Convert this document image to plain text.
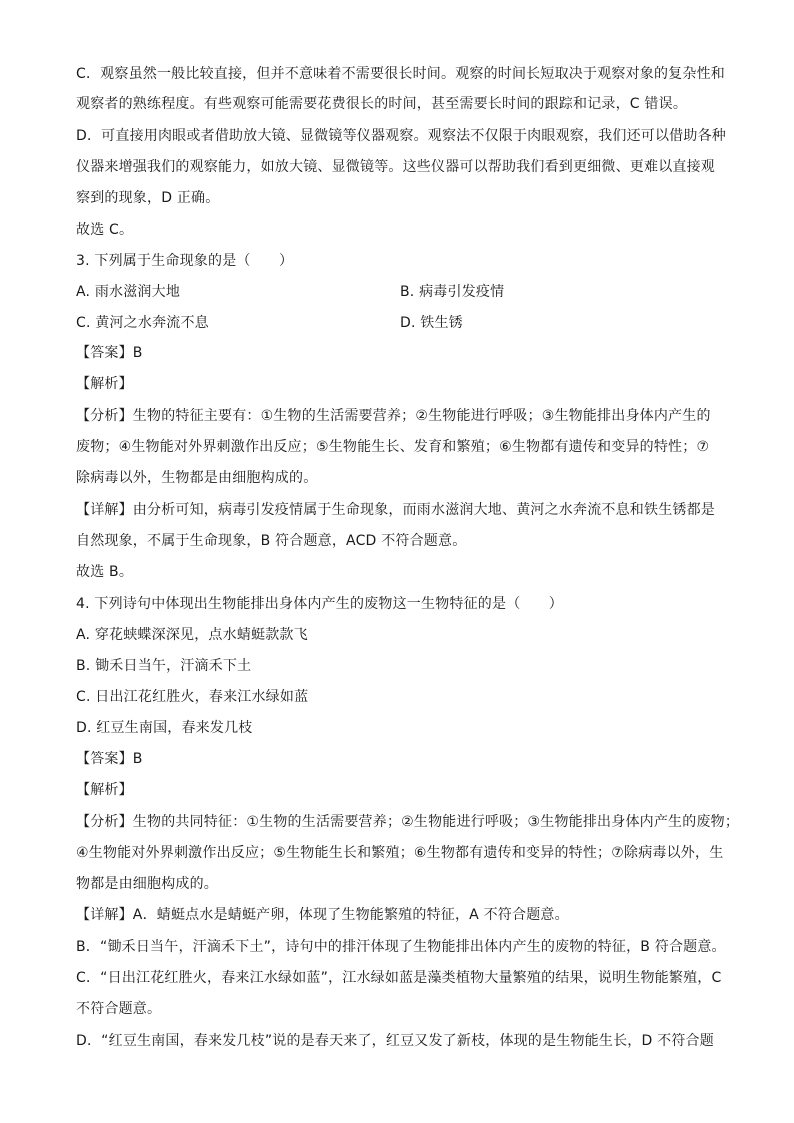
C．观察虽然一般比较直接，但并不意味着不需要很长时间。观察的时间长短取决于观察对象的复杂性和
观察者的熟练程度。有些观察可能需要花费很长的时间，甚至需要长时间的跟踪和记录，C 错误。
D．可直接用肉眼或者借助放大镜、显微镜等仪器观察。观察法不仅限于肉眼观察，我们还可以借助各种
仪器来增强我们的观察能力，如放大镜、显微镜等。这些仪器可以帮助我们看到更细微、更难以直接观
察到的现象，D 正确。
故选 C。
3. 下列属于生命现象的是（　　）
A. 雨水滋润大地	B. 病毒引发疫情
C. 黄河之水奔流不息	D. 铁生锈
【答案】B
【解析】
【分析】生物的特征主要有：①生物的生活需要营养；②生物能进行呼吸；③生物能排出身体内产生的
废物；④生物能对外界刺激作出反应；⑤生物能生长、发育和繁殖；⑥生物都有遗传和变异的特性；⑦
除病毒以外，生物都是由细胞构成的。
【详解】由分析可知，病毒引发疫情属于生命现象，而雨水滋润大地、黄河之水奔流不息和铁生锈都是
自然现象，不属于生命现象，B 符合题意，ACD 不符合题意。
故选 B。
4. 下列诗句中体现出生物能排出身体内产生的废物这一生物特征的是（　　）
A. 穿花蛱蝶深深见，点水蜻蜓款款飞
B. 锄禾日当午，汗滴禾下土
C. 日出江花红胜火，春来江水绿如蓝
D. 红豆生南国，春来发几枝
【答案】B
【解析】
【分析】生物的共同特征：①生物的生活需要营养；②生物能进行呼吸；③生物能排出身体内产生的废物；
④生物能对外界刺激作出反应；⑤生物能生长和繁殖；⑥生物都有遗传和变异的特性；⑦除病毒以外，生
物都是由细胞构成的。
【详解】A．蜻蜓点水是蜻蜓产卵，体现了生物能繁殖的特征，A 不符合题意。
B．“锄禾日当午，汗滴禾下土”，诗句中的排汗体现了生物能排出体内产生的废物的特征，B 符合题意。
C．“日出江花红胜火，春来江水绿如蓝”，江水绿如蓝是藻类植物大量繁殖的结果，说明生物能繁殖，C
不符合题意。
D．“红豆生南国，春来发几枝”说的是春天来了，红豆又发了新枝，体现的是生物能生长，D 不符合题
